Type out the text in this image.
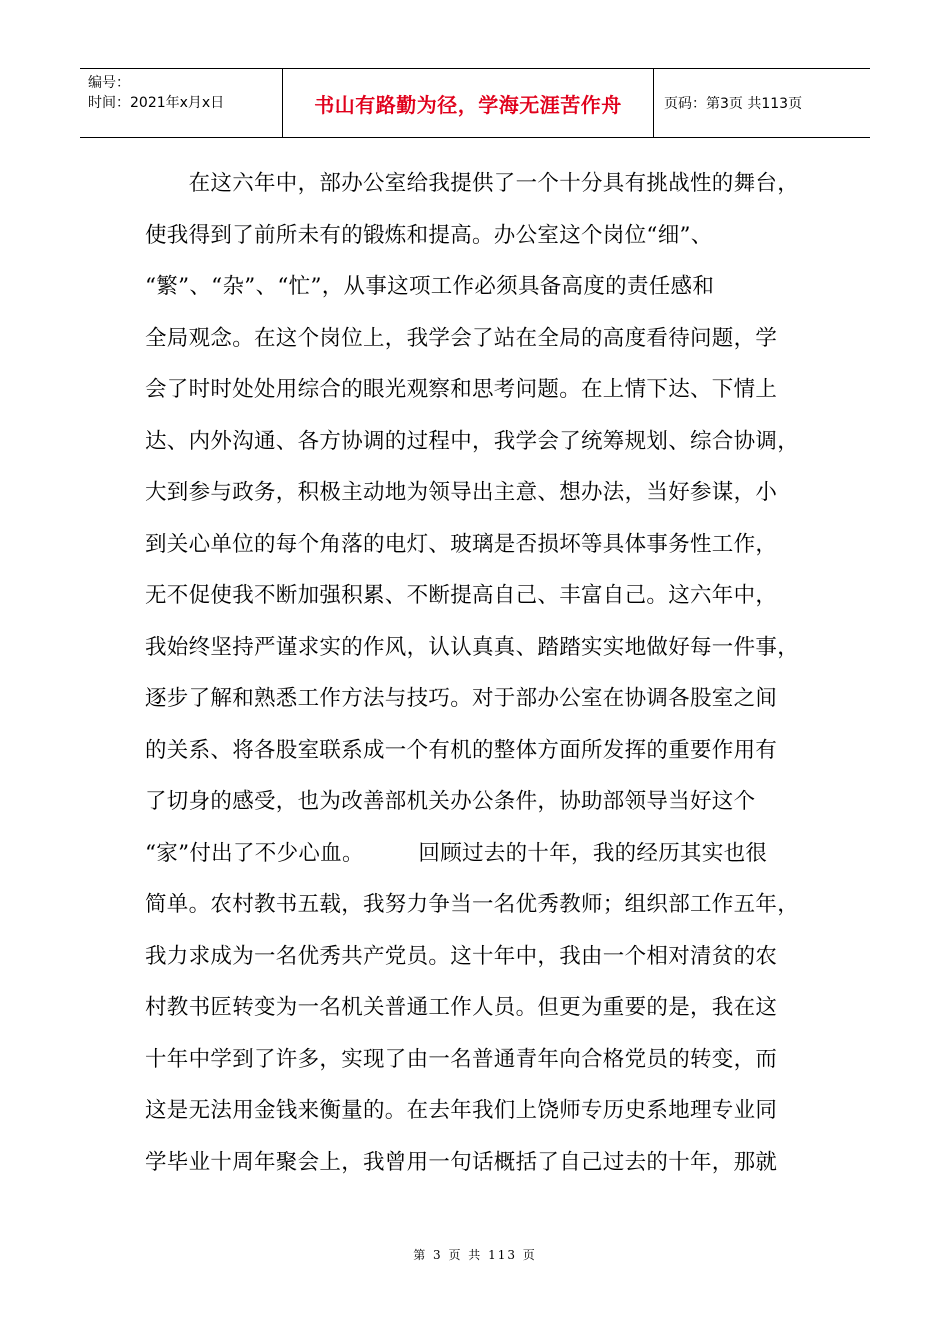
编号：
时间：2021年x月x日	书山有路勤为径，学海无涯苦作舟	页码：第3页 共113页
　　在这六年中，部办公室给我提供了一个十分具有挑战性的舞台，
使我得到了前所未有的锻炼和提高。办公室这个岗位“细”、
“繁”、“杂”、“忙”，从事这项工作必须具备高度的责任感和
全局观念。在这个岗位上，我学会了站在全局的高度看待问题，学
会了时时处处用综合的眼光观察和思考问题。在上情下达、下情上
达、内外沟通、各方协调的过程中，我学会了统筹规划、综合协调，
大到参与政务，积极主动地为领导出主意、想办法，当好参谋，小
到关心单位的每个角落的电灯、玻璃是否损坏等具体事务性工作，
无不促使我不断加强积累、不断提高自己、丰富自己。这六年中，
我始终坚持严谨求实的作风，认认真真、踏踏实实地做好每一件事，
逐步了解和熟悉工作方法与技巧。对于部办公室在协调各股室之间
的关系、将各股室联系成一个有机的整体方面所发挥的重要作用有
了切身的感受，也为改善部机关办公条件，协助部领导当好这个
“家”付出了不少心血。　　　回顾过去的十年，我的经历其实也很
简单。农村教书五载，我努力争当一名优秀教师；组织部工作五年，
我力求成为一名优秀共产党员。这十年中，我由一个相对清贫的农
村教书匠转变为一名机关普通工作人员。但更为重要的是，我在这
十年中学到了许多，实现了由一名普通青年向合格党员的转变，而
这是无法用金钱来衡量的。在去年我们上饶师专历史系地理专业同
学毕业十周年聚会上，我曾用一句话概括了自己过去的十年，那就
第 3 页 共 113 页
